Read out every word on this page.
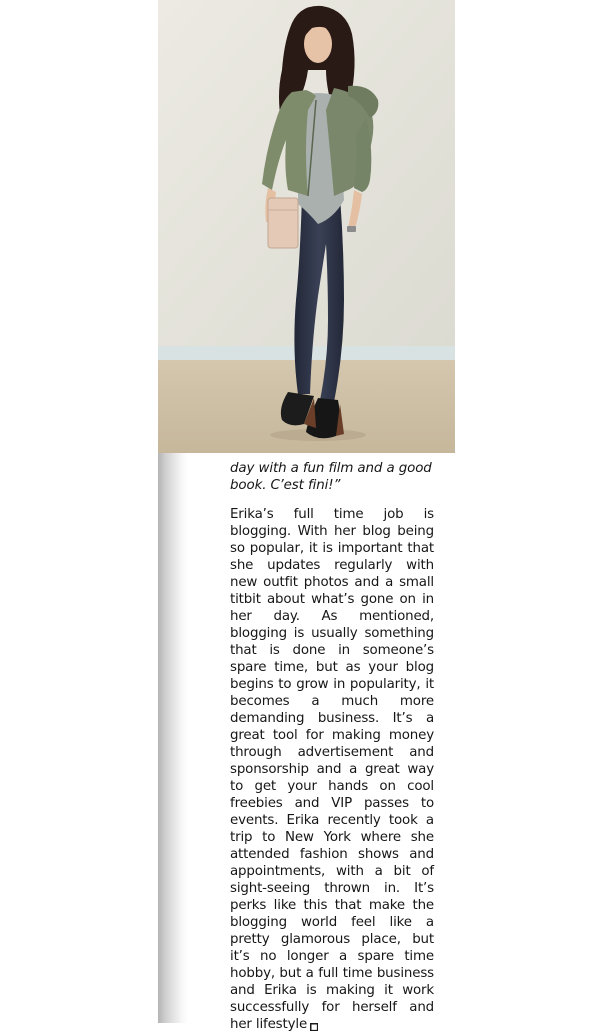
day with a fun film and a good book. C’est fini!”

Erika’s full time job is blogging. With her blog being so popular, it is important that she updates regularly with new outfit photos and a small titbit about what’s gone on in her day. As mentioned, blogging is usually something that is done in someone’s spare time, but as your blog begins to grow in popularity, it becomes a much more demanding business. It’s a great tool for making money through advertisement and sponsorship and a great way to get your hands on cool freebies and VIP passes to events. Erika recently took a trip to New York where she attended fashion shows and appointments, with a bit of sight-seeing thrown in. It’s perks like this that make the blogging world feel like a pretty glamorous place, but it’s no longer a spare time hobby, but a full time business and Erika is making it work successfully for herself and her lifestyle ■
